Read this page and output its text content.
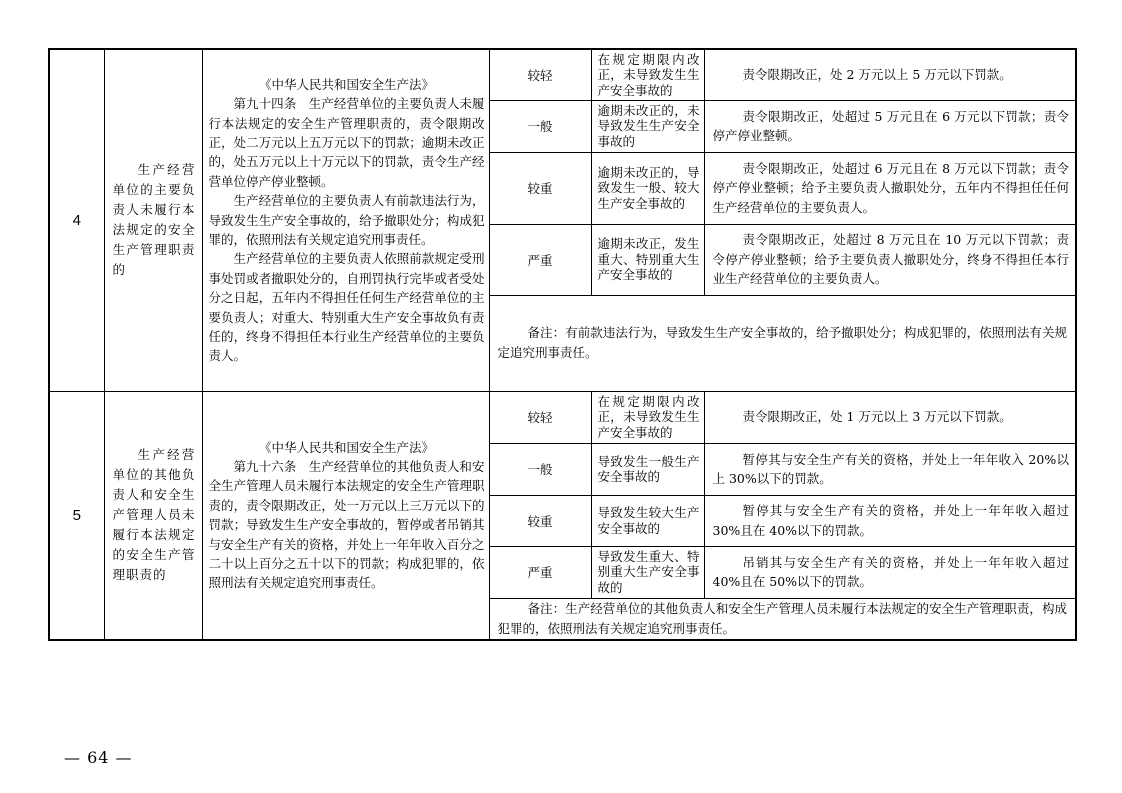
4	生产经营单位的主要负责人未履行本法规定的安全生产管理职责的	《中华人民共和国安全生产法》

第九十四条　生产经营单位的主要负责人未履行本法规定的安全生产管理职责的，责令限期改正，处二万元以上五万元以下的罚款；逾期未改正的，处五万元以上十万元以下的罚款，责令生产经营单位停产停业整顿。

生产经营单位的主要负责人有前款违法行为，导致发生生产安全事故的，给予撤职处分；构成犯罪的，依照刑法有关规定追究刑事责任。

生产经营单位的主要负责人依照前款规定受刑事处罚或者撤职处分的，自刑罚执行完毕或者受处分之日起，五年内不得担任任何生产经营单位的主要负责人；对重大、特别重大生产安全事故负有责任的，终身不得担任本行业生产经营单位的主要负责人。	较轻	在规定期限内改正，未导致发生生产安全事故的	责令限期改正，处 2 万元以上 5 万元以下罚款。

			一般	逾期未改正的，未导致发生生产安全事故的	责令限期改正，处超过 5 万元且在 6 万元以下罚款；责令停产停业整顿。

			较重	逾期未改正的，导致发生一般、较大生产安全事故的	责令限期改正，处超过 6 万元且在 8 万元以下罚款；责令停产停业整顿；给予主要负责人撤职处分，五年内不得担任任何生产经营单位的主要负责人。

			严重	逾期未改正，发生重大、特别重大生产安全事故的	责令限期改正，处超过 8 万元且在 10 万元以下罚款；责令停产停业整顿；给予主要负责人撤职处分，终身不得担任本行业生产经营单位的主要负责人。

			备注：有前款违法行为，导致发生生产安全事故的，给予撤职处分；构成犯罪的，依照刑法有关规定追究刑事责任。		

5	生产经营单位的其他负责人和安全生产管理人员未履行本法规定的安全生产管理职责的	《中华人民共和国安全生产法》

第九十六条　生产经营单位的其他负责人和安全生产管理人员未履行本法规定的安全生产管理职责的，责令限期改正，处一万元以上三万元以下的罚款；导致发生生产安全事故的，暂停或者吊销其与安全生产有关的资格，并处上一年年收入百分之二十以上百分之五十以下的罚款；构成犯罪的，依照刑法有关规定追究刑事责任。	较轻	在规定期限内改正，未导致发生生产安全事故的	责令限期改正，处 1 万元以上 3 万元以下罚款。

			一般	导致发生一般生产安全事故的	暂停其与安全生产有关的资格，并处上一年年收入 20%以上 30%以下的罚款。

			较重	导致发生较大生产安全事故的	暂停其与安全生产有关的资格，并处上一年年收入超过30%且在 40%以下的罚款。

			严重	导致发生重大、特别重大生产安全事故的	吊销其与安全生产有关的资格，并处上一年年收入超过40%且在 50%以下的罚款。

			备注：生产经营单位的其他负责人和安全生产管理人员未履行本法规定的安全生产管理职责，构成犯罪的，依照刑法有关规定追究刑事责任。		

— 64 —
